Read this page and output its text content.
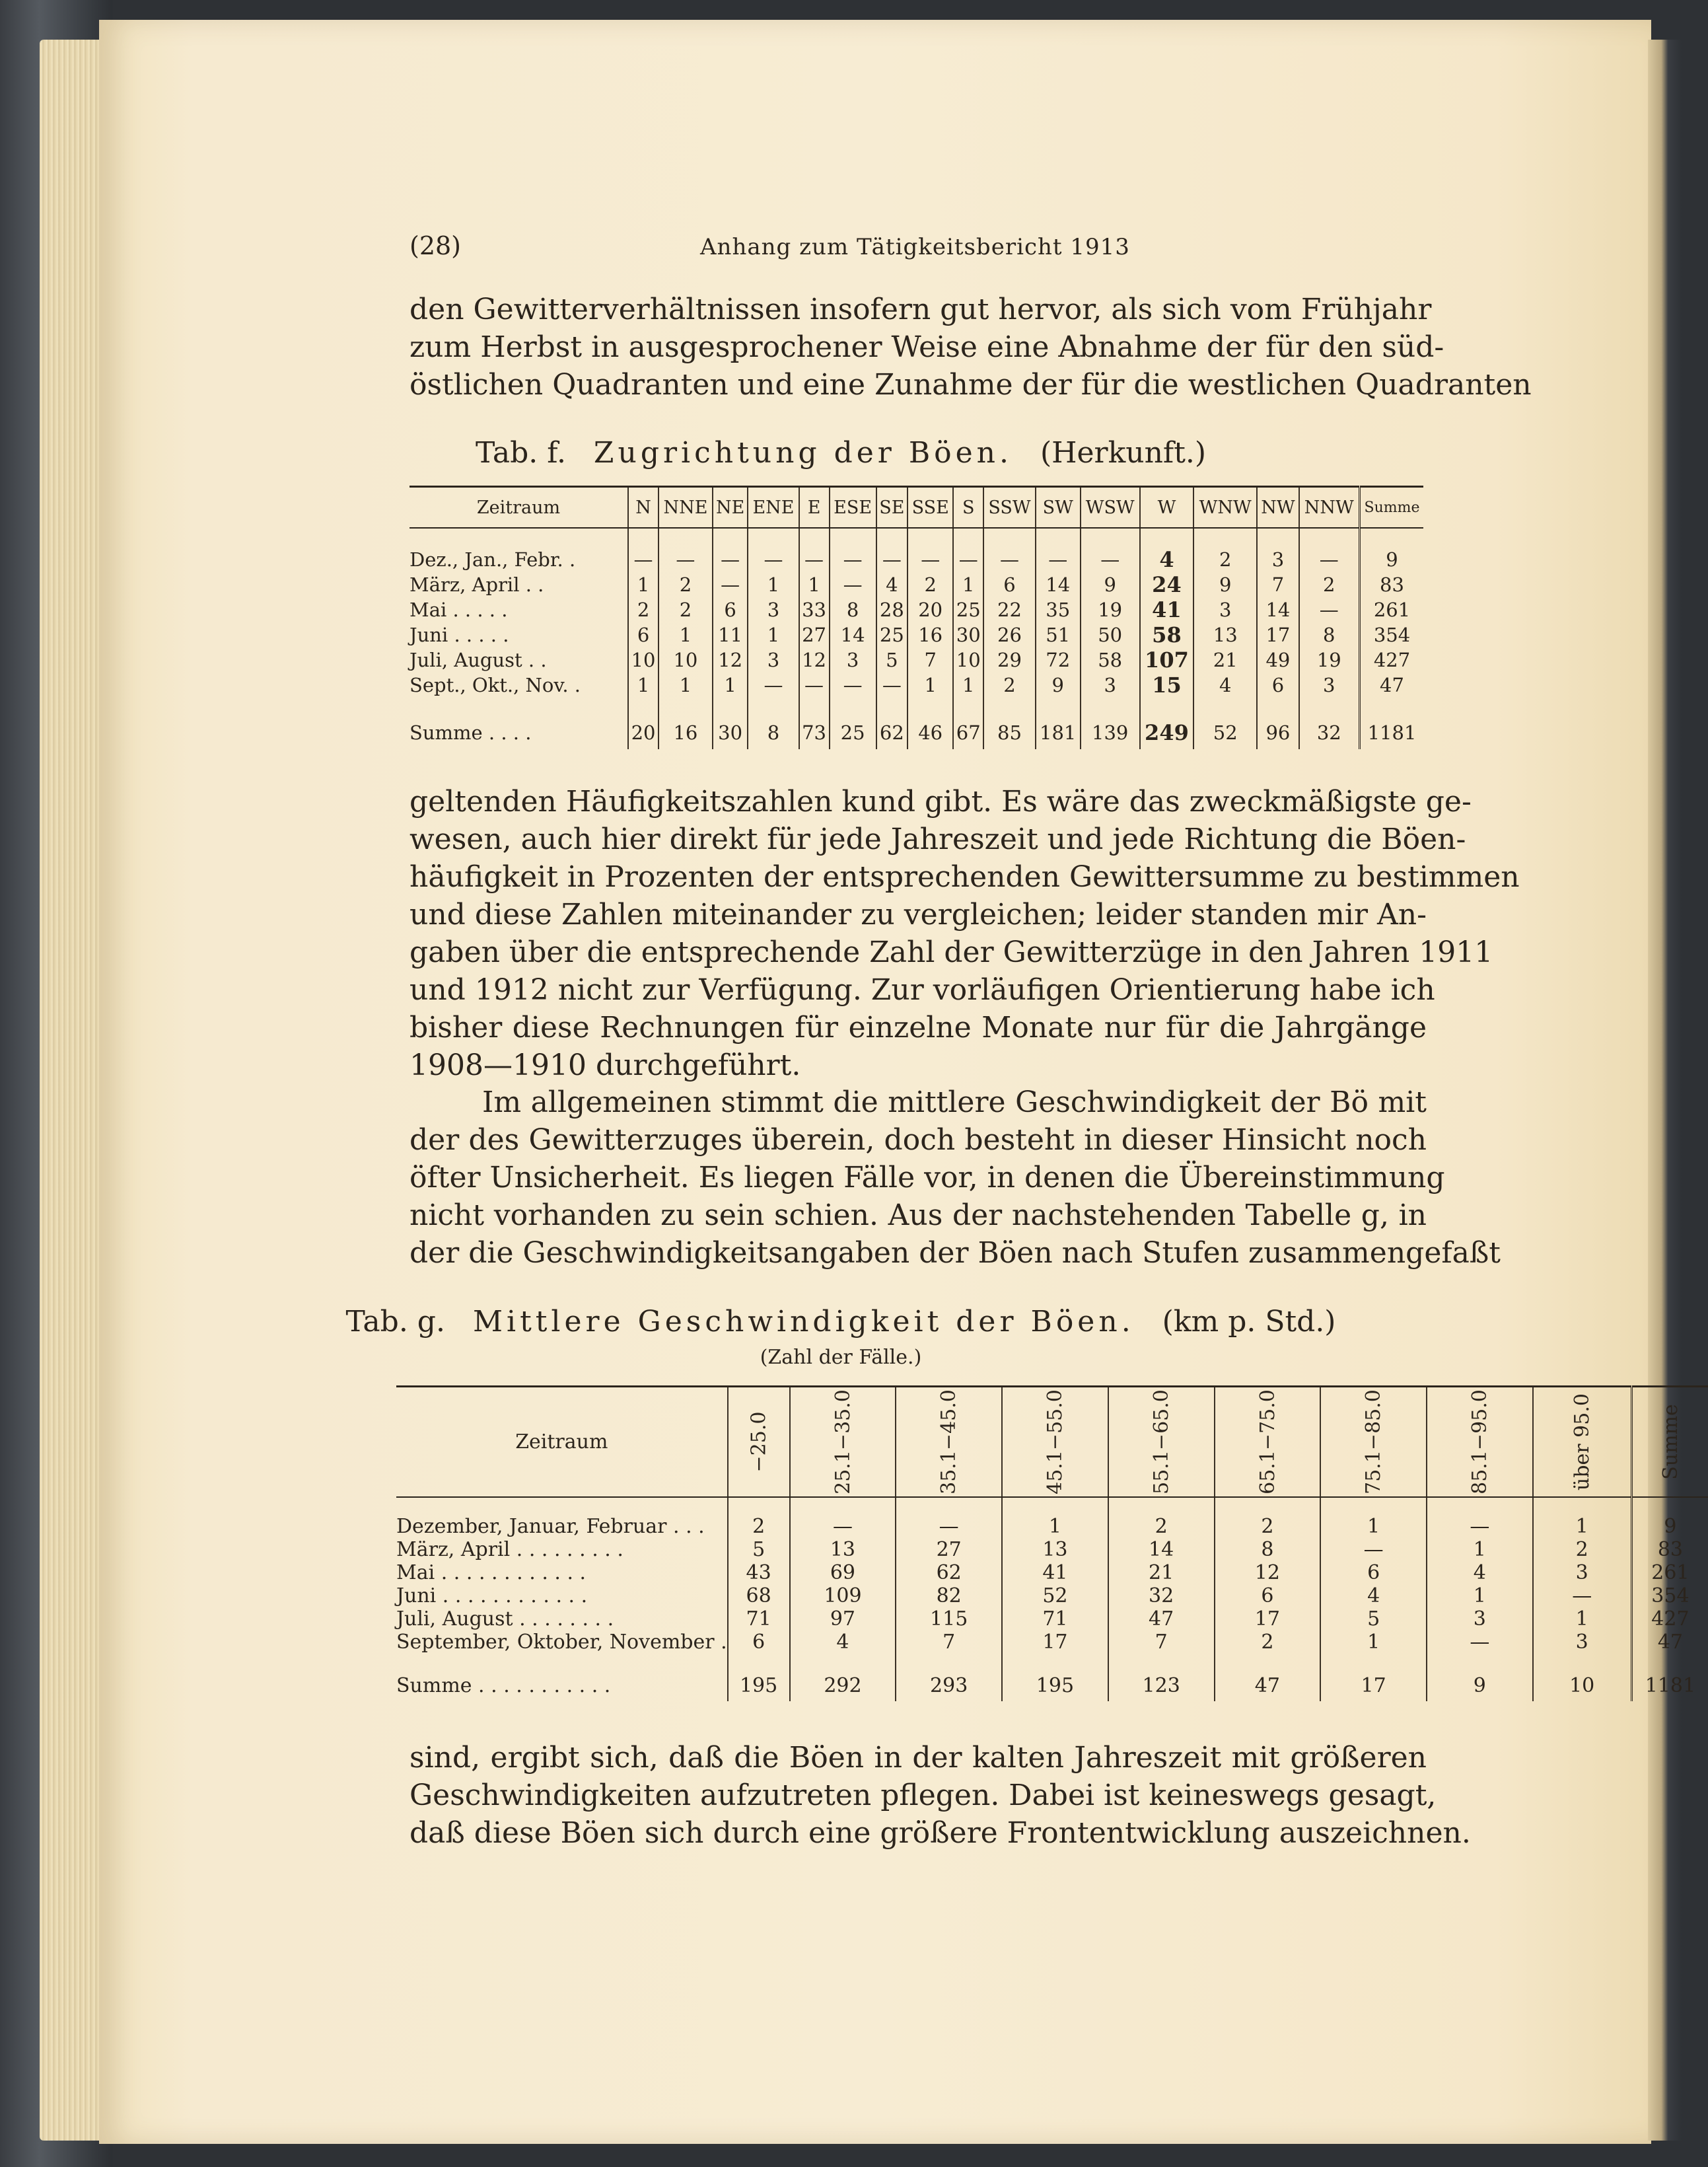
(28)	Anhang zum Tätigkeitsbericht 1913
den Gewitterverhältnissen insofern gut hervor, als sich vom Frühjahr
zum Herbst in ausgesprochener Weise eine Abnahme der für den süd-
östlichen Quadranten und eine Zunahme der für die westlichen Quadranten
Tab. f. Zugrichtung der Böen. (Herkunft.)
Zeitraum	N	NNE	NE	ENE	E	ESE	SE	SSE	S	SSW	SW	WSW	W	WNW	NW	NNW	Summe
Dez., Jan., Febr. .	—	—	—	—	—	—	—	—	—	—	—	—	4	2	3	—	9
März, April . .	1	2	—	1	1	—	4	2	1	6	14	9	24	9	7	2	83
Mai . . . . .	2	2	6	3	33	8	28	20	25	22	35	19	41	3	14	—	261
Juni . . . . .	6	1	11	1	27	14	25	16	30	26	51	50	58	13	17	8	354
Juli, August . .	10	10	12	3	12	3	5	7	10	29	72	58	107	21	49	19	427
Sept., Okt., Nov. .	1	1	1	—	—	—	—	1	1	2	9	3	15	4	6	3	47
Summe . . . .	20	16	30	8	73	25	62	46	67	85	181	139	249	52	96	32	1181
geltenden Häufigkeitszahlen kund gibt. Es wäre das zweckmäßigste ge-
wesen, auch hier direkt für jede Jahreszeit und jede Richtung die Böen-
häufigkeit in Prozenten der entsprechenden Gewittersumme zu bestimmen
und diese Zahlen miteinander zu vergleichen; leider standen mir An-
gaben über die entsprechende Zahl der Gewitterzüge in den Jahren 1911
und 1912 nicht zur Verfügung. Zur vorläufigen Orientierung habe ich
bisher diese Rechnungen für einzelne Monate nur für die Jahrgänge
1908—1910 durchgeführt.
Im allgemeinen stimmt die mittlere Geschwindigkeit der Bö mit
der des Gewitterzuges überein, doch besteht in dieser Hinsicht noch
öfter Unsicherheit. Es liegen Fälle vor, in denen die Übereinstimmung
nicht vorhanden zu sein schien. Aus der nachstehenden Tabelle g, in
der die Geschwindigkeitsangaben der Böen nach Stufen zusammengefaßt
Tab. g. Mittlere Geschwindigkeit der Böen. (km p. Std.)
(Zahl der Fälle.)
Zeitraum	−25.0	25.1−35.0	35.1−45.0	45.1−55.0	55.1−65.0	65.1−75.0	75.1−85.0	85.1−95.0	über 95.0	Summe
Dezember, Januar, Februar . . .	2	—	—	1	2	2	1	—	1	9
März, April . . . . . . . . .	5	13	27	13	14	8	—	1	2	83
Mai . . . . . . . . . . . .	43	69	62	41	21	12	6	4	3	261
Juni . . . . . . . . . . . .	68	109	82	52	32	6	4	1	—	354
Juli, August . . . . . . . .	71	97	115	71	47	17	5	3	1	427
September, Oktober, November .	6	4	7	17	7	2	1	—	3	47
Summe . . . . . . . . . . .	195	292	293	195	123	47	17	9	10	1181
sind, ergibt sich, daß die Böen in der kalten Jahreszeit mit größeren
Geschwindigkeiten aufzutreten pflegen. Dabei ist keineswegs gesagt,
daß diese Böen sich durch eine größere Frontentwicklung auszeichnen.
